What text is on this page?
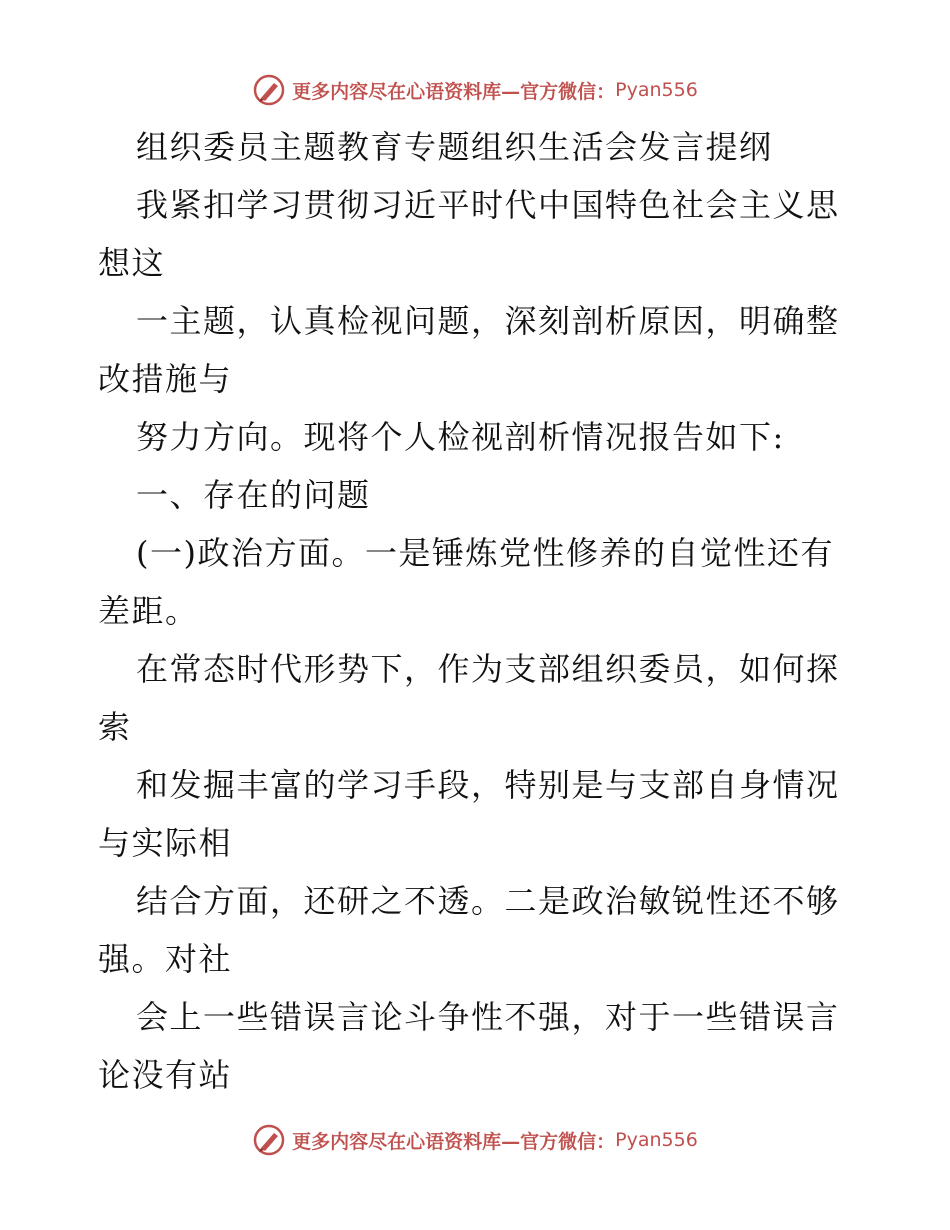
更多内容尽在心语资料库—官方微信： Pyan556
组织委员主题教育专题组织生活会发言提纲
我紧扣学习贯彻习近平时代中国特色社会主义思
想这
一主题，认真检视问题，深刻剖析原因，明确整
改措施与
努力方向。现将个人检视剖析情况报告如下:
一、存在的问题
(一)政治方面。一是锤炼党性修养的自觉性还有
差距。
在常态时代形势下，作为支部组织委员，如何探
索
和发掘丰富的学习手段，特别是与支部自身情况
与实际相
结合方面，还研之不透。二是政治敏锐性还不够
强。对社
会上一些错误言论斗争性不强，对于一些错误言
论没有站
更多内容尽在心语资料库—官方微信： Pyan556
